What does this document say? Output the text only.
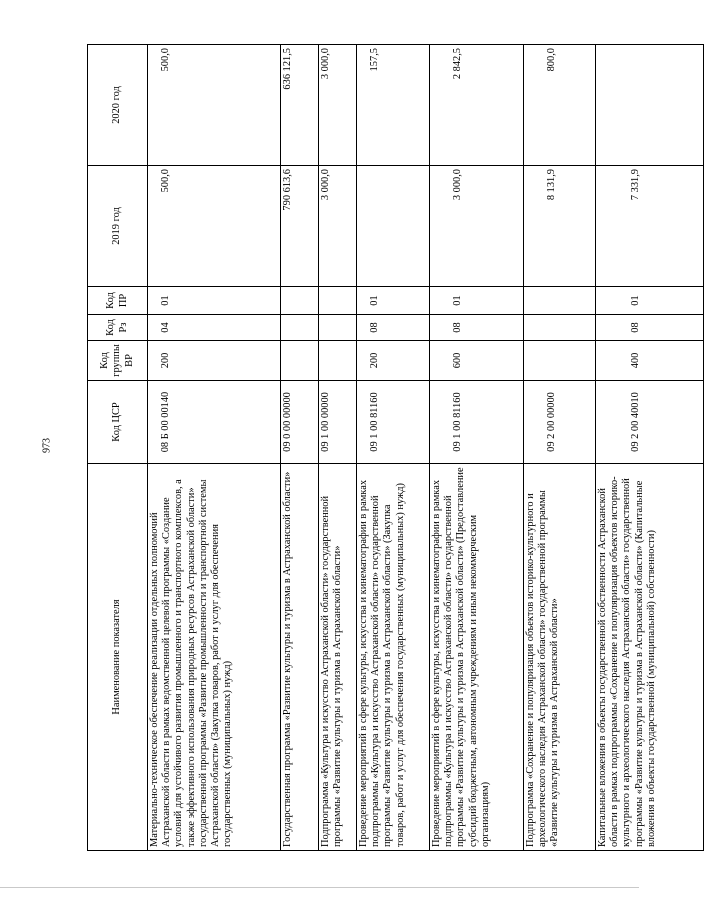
973
Наименование показателя	Код ЦСР	Код группы ВР	Код Рз	Код ПР	2019 год	2020 год
Материально-техническое обеспечение реализации отдельных полномочий Астраханской области в рамках ведомственной целевой программы «Создание условий для устойчивого развития промышленного и транспортного комплексов, а также эффективного использования природных ресурсов Астраханской области» государственной программы «Развитие промышленности и транспортной системы Астраханской области» (Закупка товаров, работ и услуг для обеспечения государственных (муниципальных) нужд)	08 Б 00 00140	200	04	01	500,0	500,0
Государственная программа «Развитие культуры и туризма в Астраханской области»	09 0 00 00000				790 613,6	636 121,5
Подпрограмма «Культура и искусство Астраханской области» государственной программы «Развитие культуры и туризма в Астраханской области»	09 1 00 00000				3 000,0	3 000,0
Проведение мероприятий в сфере культуры, искусства и кинематографии в рамках подпрограммы «Культура и искусство Астраханской области» государственной программы «Развитие культуры и туризма в Астраханской области» (Закупка товаров, работ и услуг для обеспечения государственных (муниципальных) нужд)	09 1 00 81160	200	08	01		157,5
Проведение мероприятий в сфере культуры, искусства и кинематографии в рамках подпрограммы «Культура и искусство Астраханской области» государственной программы «Развитие культуры и туризма в Астраханской области» (Предоставление субсидий бюджетным, автономным учреждениям и иным некоммерческим организациям)	09 1 00 81160	600	08	01	3 000,0	2 842,5
Подпрограмма «Сохранение и популяризация объектов историко-культурного и археологического наследия Астраханской области» государственной программы «Развитие культуры и туризма в Астраханской области»	09 2 00 00000				8 131,9	800,0
Капитальные вложения в объекты государственной собственности Астраханской области в рамках подпрограммы «Сохранение и популяризация объектов историко-культурного и археологического наследия Астраханской области» государственной программы «Развитие культуры и туризма в Астраханской области» (Капитальные вложения в объекты государственной (муниципальной) собственности)	09 2 00 40010	400	08	01	7 331,9	
